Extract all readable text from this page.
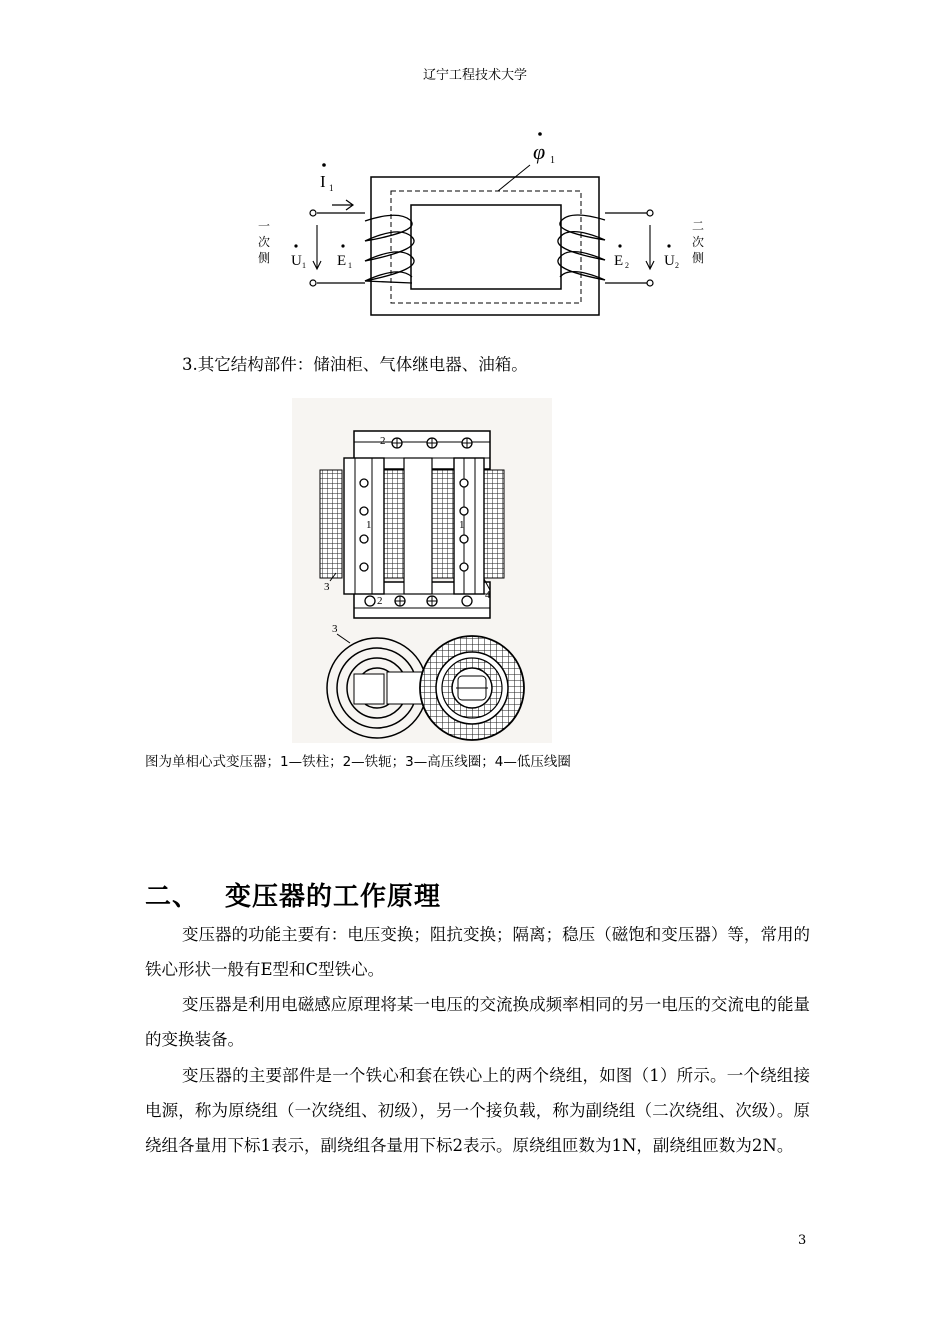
辽宁工程技术大学
φ 1
I 1
U 1 E 1
一
次
侧	E 2 U 2
二
次
侧
3.其它结构部件：储油柜、气体继电器、油箱。
2
2
1	1
3
4
3
图为单相心式变压器；1—铁柱；2—铁轭；3—高压线圈；4—低压线圈
二、 变压器的工作原理

变压器的功能主要有：电压变换；阻抗变换；隔离；稳压（磁饱和变压器）等，常用的铁心形状一般有E型和C型铁心。

变压器是利用电磁感应原理将某一电压的交流换成频率相同的另一电压的交流电的能量的变换装备。

变压器的主要部件是一个铁心和套在铁心上的两个绕组，如图（1）所示。一个绕组接电源，称为原绕组（一次绕组、初级），另一个接负载，称为副绕组（二次绕组、次级）。原绕组各量用下标1表示，副绕组各量用下标2表示。原绕组匝数为1N，副绕组匝数为2N。

3
